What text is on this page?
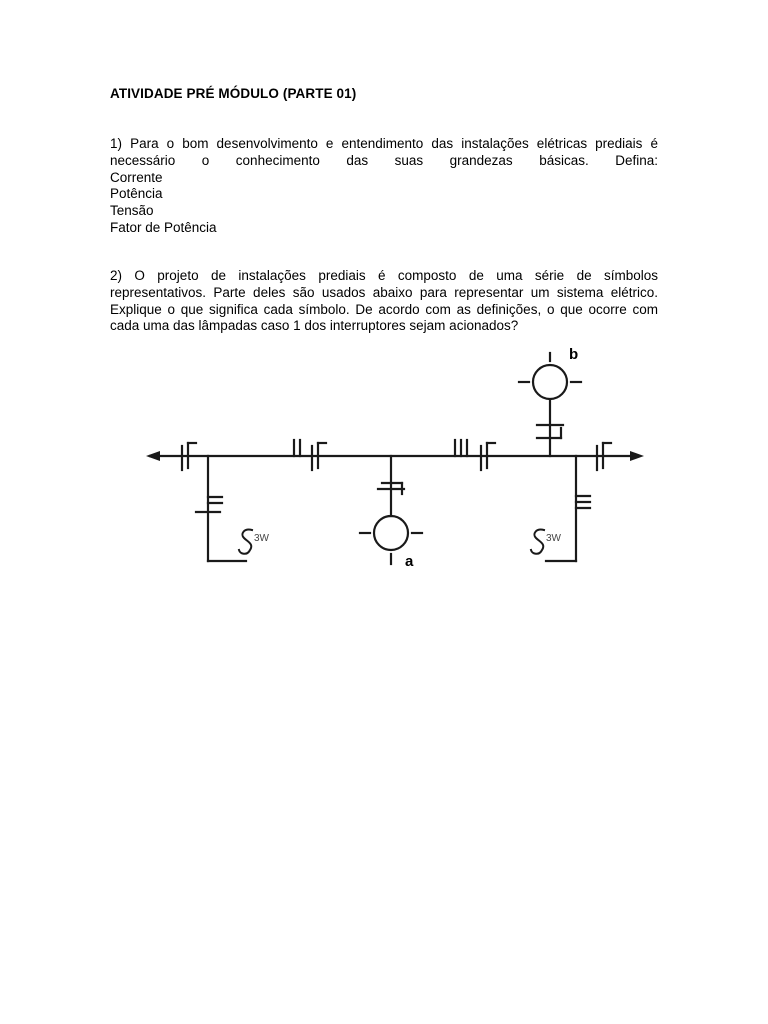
ATIVIDADE PRÉ MÓDULO (PARTE 01)
1) Para o bom desenvolvimento e entendimento das instalações elétricas prediais é
necessário o conhecimento das suas grandezas básicas. Defina:
Corrente
Potência
Tensão
Fator de Potência
2) O projeto de instalações prediais é composto de uma série de símbolos
representativos. Parte deles são usados abaixo para representar um sistema elétrico.
Explique o que significa cada símbolo. De acordo com as definições, o que ocorre com
cada uma das lâmpadas caso 1 dos interruptores sejam acionados?
b
a
3W	3W
